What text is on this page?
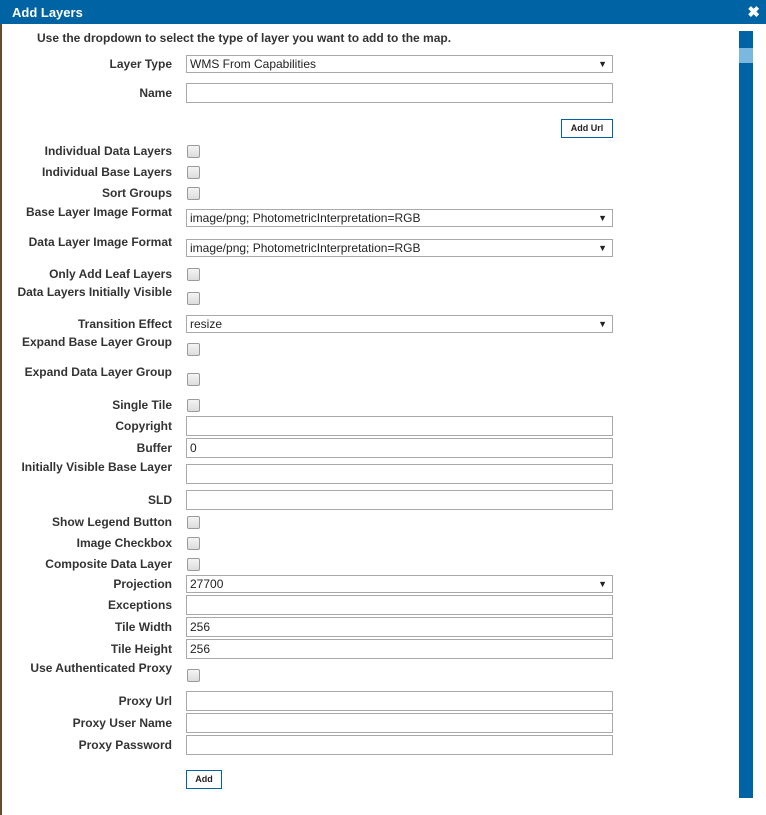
Add Layers	✖
Use the dropdown to select the type of layer you want to add to the map.
Layer Type	WMS From Capabilities	▼
Name
Individual Data Layers
Individual Base Layers
Sort Groups
Base Layer Image Format	image/png; PhotometricInterpretation=RGB	▼
Data Layer Image Format	image/png; PhotometricInterpretation=RGB	▼
Only Add Leaf Layers
Data Layers Initially Visible
Transition Effect	resize	▼
Expand Base Layer Group
Expand Data Layer Group
Single Tile
Copyright
Buffer	0
Initially Visible Base Layer
SLD
Show Legend Button
Image Checkbox
Composite Data Layer
Projection	27700	▼
Exceptions
Tile Width	256
Tile Height	256
Use Authenticated Proxy
Proxy Url
Proxy User Name
Proxy Password
Add Url
Add
